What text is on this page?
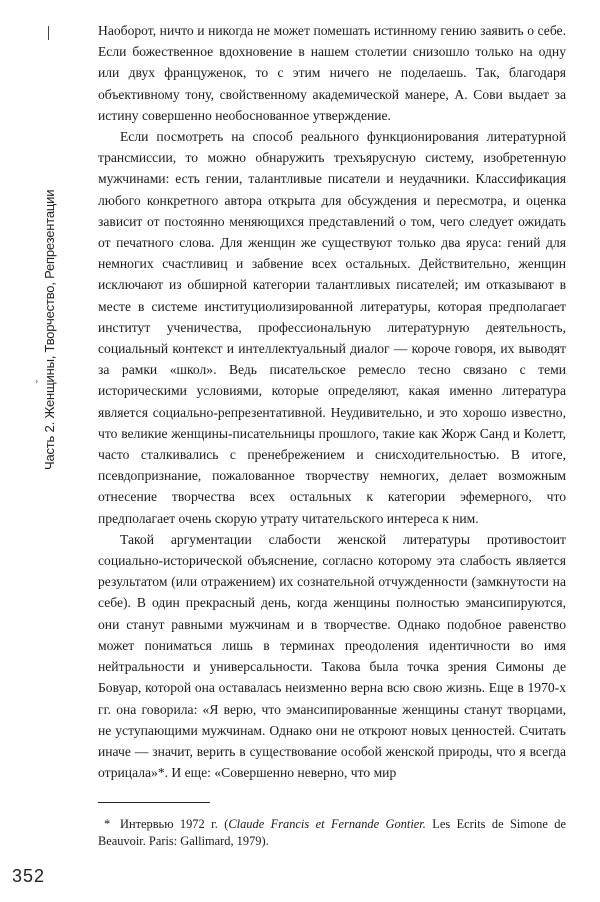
› Часть 2. Женщины, Творчество, Репрезентации

Наоборот, ничто и никогда не может помешать истинному гению заявить о себе. Если божественное вдохновение в нашем столетии снизошло только на одну или двух француженок, то с этим ничего не поделаешь. Так, благодаря объективному тону, свойственному академической манере, А. Сови выдает за истину совершенно необоснованное утверждение.

Если посмотреть на способ реального функционирования литературной трансмиссии, то можно обнаружить трехъярусную систему, изобретенную мужчинами: есть гении, талантливые писатели и неудачники. Классификация любого конкретного автора открыта для обсуждения и пересмотра, и оценка зависит от постоянно меняющихся представлений о том, чего следует ожидать от печатного слова. Для женщин же существуют только два яруса: гений для немногих счастливиц и забвение всех остальных. Действительно, женщин исключают из обширной категории талантливых писателей; им отказывают в месте в системе институциолизированной литературы, которая предполагает институт ученичества, профессиональную литературную деятельность, социальный контекст и интеллектуальный диалог — короче говоря, их выводят за рамки «школ». Ведь писательское ремесло тесно связано с теми историческими условиями, которые определяют, какая именно литература является социально-репрезентативной. Неудивительно, и это хорошо известно, что великие женщины-писательницы прошлого, такие как Жорж Санд и Колетт, часто сталкивались с пренебрежением и снисходительностью. В итоге, псевдопризнание, пожалованное творчеству немногих, делает возможным отнесение творчества всех остальных к категории эфемерного, что предполагает очень скорую утрату читательского интереса к ним.

Такой аргументации слабости женской литературы противостоит социально-исторической объяснение, согласно которому эта слабость является результатом (или отражением) их сознательной отчужденности (замкнутости на себе). В один прекрасный день, когда женщины полностью эмансипируются, они станут равными мужчинам и в творчестве. Однако подобное равенство может пониматься лишь в терминах преодоления идентичности во имя нейтральности и универсальности. Такова была точка зрения Симоны де Бовуар, которой она оставалась неизменно верна всю свою жизнь. Еще в 1970-х гг. она говорила: «Я верю, что эмансипированные женщины станут творцами, не уступающими мужчинам. Однако они не откроют новых ценностей. Считать иначе — значит, верить в существование особой женской природы, что я всегда отрицала»*. И еще: «Совершенно неверно, что мир

* Интервью 1972 г. (Claude Francis et Fernande Gontier. Les Ecrits de Simone de Beauvoir. Paris: Gallimard, 1979).
352
